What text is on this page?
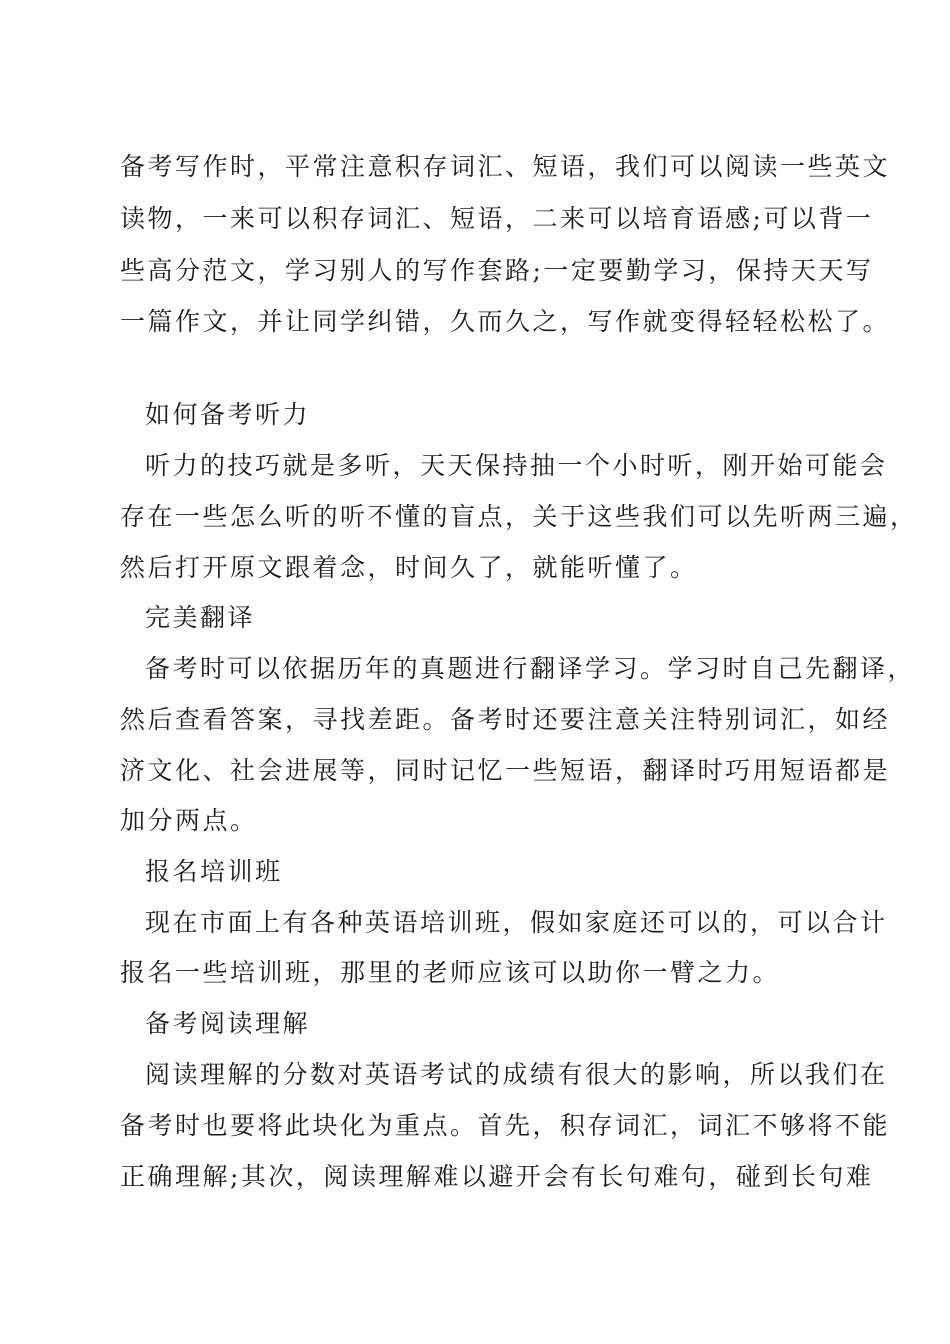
备考写作时，平常注意积存词汇、短语，我们可以阅读一些英文
读物，一来可以积存词汇、短语，二来可以培育语感;可以背一
些高分范文，学习别人的写作套路;一定要勤学习，保持天天写
一篇作文，并让同学纠错，久而久之，写作就变得轻轻松松了。
如何备考听力
听力的技巧就是多听，天天保持抽一个小时听，刚开始可能会
存在一些怎么听的听不懂的盲点，关于这些我们可以先听两三遍，
然后打开原文跟着念，时间久了，就能听懂了。
完美翻译
备考时可以依据历年的真题进行翻译学习。学习时自己先翻译，
然后查看答案，寻找差距。备考时还要注意关注特别词汇，如经
济文化、社会进展等，同时记忆一些短语，翻译时巧用短语都是
加分两点。
报名培训班
现在市面上有各种英语培训班，假如家庭还可以的，可以合计
报名一些培训班，那里的老师应该可以助你一臂之力。
备考阅读理解
阅读理解的分数对英语考试的成绩有很大的影响，所以我们在
备考时也要将此块化为重点。首先，积存词汇，词汇不够将不能
正确理解;其次，阅读理解难以避开会有长句难句，碰到长句难
